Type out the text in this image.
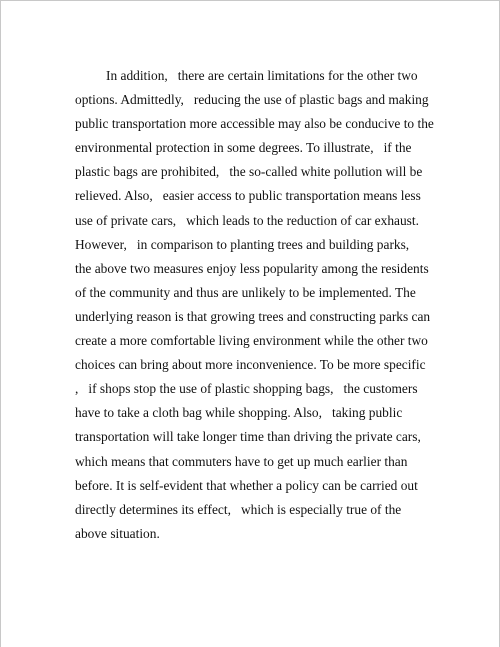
In addition,   there are certain limitations for the other two
options. Admittedly,   reducing the use of plastic bags and making
public transportation more accessible may also be conducive to the
environmental protection in some degrees. To illustrate,   if the
plastic bags are prohibited,   the so-called white pollution will be
relieved. Also,   easier access to public transportation means less
use of private cars,   which leads to the reduction of car exhaust.
However,   in comparison to planting trees and building parks,
the above two measures enjoy less popularity among the residents
of the community and thus are unlikely to be implemented. The
underlying reason is that growing trees and constructing parks can
create a more comfortable living environment while the other two
choices can bring about more inconvenience. To be more specific
,   if shops stop the use of plastic shopping bags,   the customers
have to take a cloth bag while shopping. Also,   taking public
transportation will take longer time than driving the private cars,
which means that commuters have to get up much earlier than
before. It is self-evident that whether a policy can be carried out
directly determines its effect,   which is especially true of the
above situation.
